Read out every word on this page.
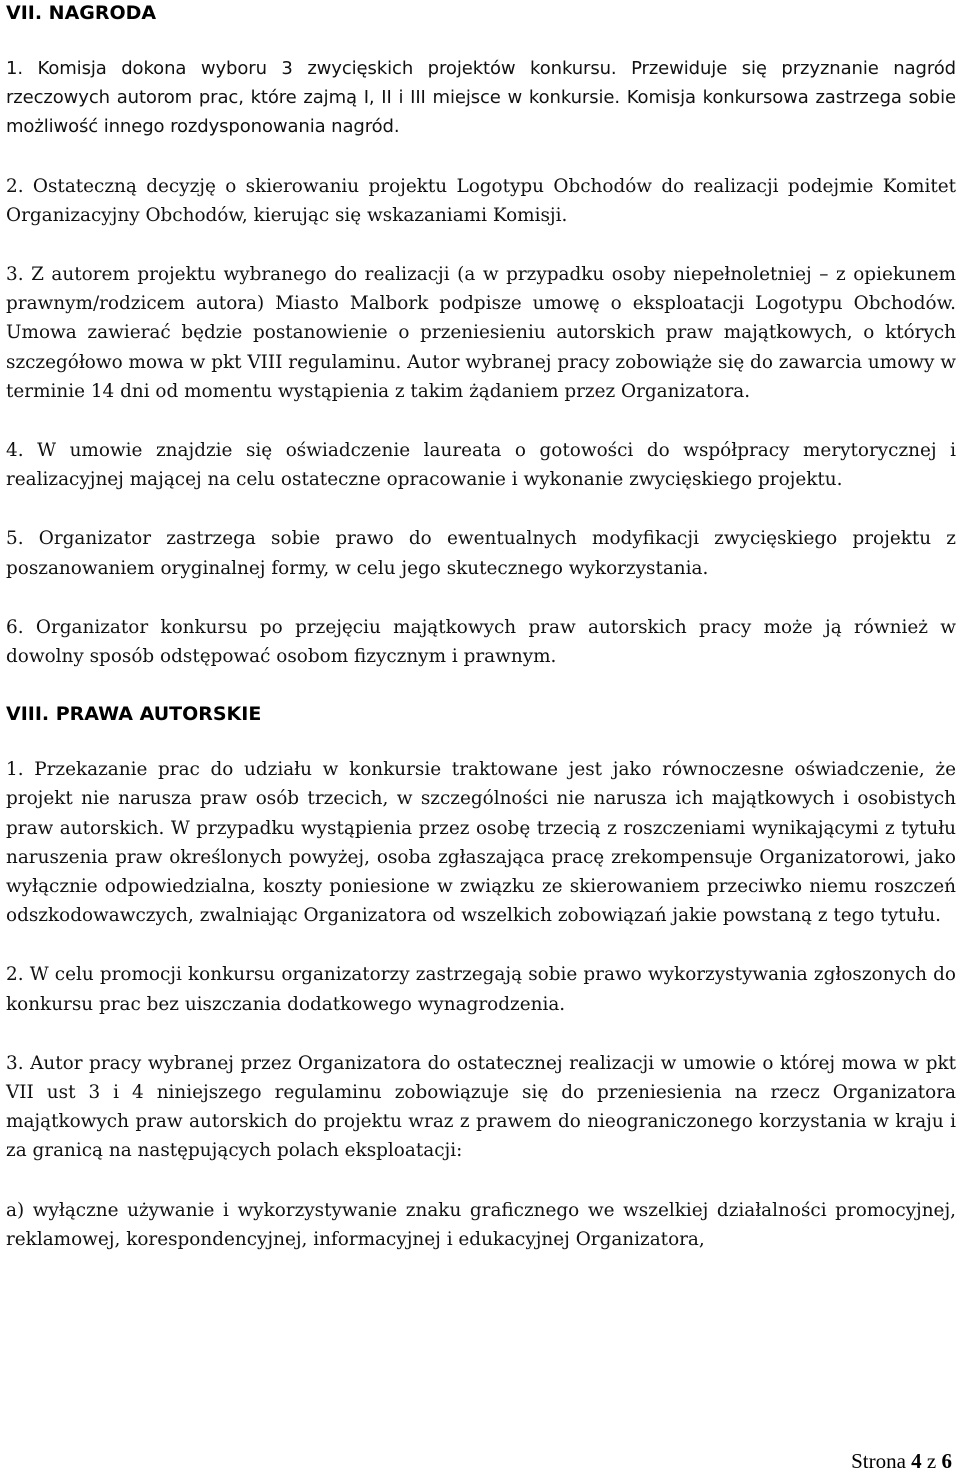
VII. NAGRODA

1. Komisja dokona wyboru 3 zwycięskich projektów konkursu. Przewiduje się przyznanie nagród rzeczowych autorom prac, które zajmą I, II i III miejsce w konkursie. Komisja konkursowa zastrzega sobie możliwość innego rozdysponowania nagród.

2. Ostateczną decyzję o skierowaniu projektu Logotypu Obchodów do realizacji podejmie Komitet Organizacyjny Obchodów, kierując się wskazaniami Komisji.

3. Z autorem projektu wybranego do realizacji (a w przypadku osoby niepełnoletniej – z opiekunem prawnym/rodzicem autora) Miasto Malbork podpisze umowę o eksploatacji Logotypu Obchodów. Umowa zawierać będzie postanowienie o przeniesieniu autorskich praw majątkowych, o których szczegółowo mowa w pkt VIII regulaminu. Autor wybranej pracy zobowiąże się do zawarcia umowy w terminie 14 dni od momentu wystąpienia z takim żądaniem przez Organizatora.

4. W umowie znajdzie się oświadczenie laureata o gotowości do współpracy merytorycznej i realizacyjnej mającej na celu ostateczne opracowanie i wykonanie zwycięskiego projektu.

5. Organizator zastrzega sobie prawo do ewentualnych modyfikacji zwycięskiego projektu z poszanowaniem oryginalnej formy, w celu jego skutecznego wykorzystania.

6. Organizator konkursu po przejęciu majątkowych praw autorskich pracy może ją również w dowolny sposób odstępować osobom fizycznym i prawnym.

VIII. PRAWA AUTORSKIE

1. Przekazanie prac do udziału w konkursie traktowane jest jako równoczesne oświadczenie, że projekt nie narusza praw osób trzecich, w szczególności nie narusza ich majątkowych i osobistych praw autorskich. W przypadku wystąpienia przez osobę trzecią z roszczeniami wynikającymi z tytułu naruszenia praw określonych powyżej, osoba zgłaszająca pracę zrekompensuje Organizatorowi, jako wyłącznie odpowiedzialna, koszty poniesione w związku ze skierowaniem przeciwko niemu roszczeń odszkodowawczych, zwalniając Organizatora od wszelkich zobowiązań jakie powstaną z tego tytułu.

2. W celu promocji konkursu organizatorzy zastrzegają sobie prawo wykorzystywania zgłoszonych do konkursu prac bez uiszczania dodatkowego wynagrodzenia.

3. Autor pracy wybranej przez Organizatora do ostatecznej realizacji w umowie o której mowa w pkt VII ust 3 i 4 niniejszego regulaminu zobowiązuje się do przeniesienia na rzecz Organizatora majątkowych praw autorskich do projektu wraz z prawem do nieograniczonego korzystania w kraju i za granicą na następujących polach eksploatacji:

a) wyłączne używanie i wykorzystywanie znaku graficznego we wszelkiej działalności promocyjnej, reklamowej, korespondencyjnej, informacyjnej i edukacyjnej Organizatora,

Strona 4 z 6
